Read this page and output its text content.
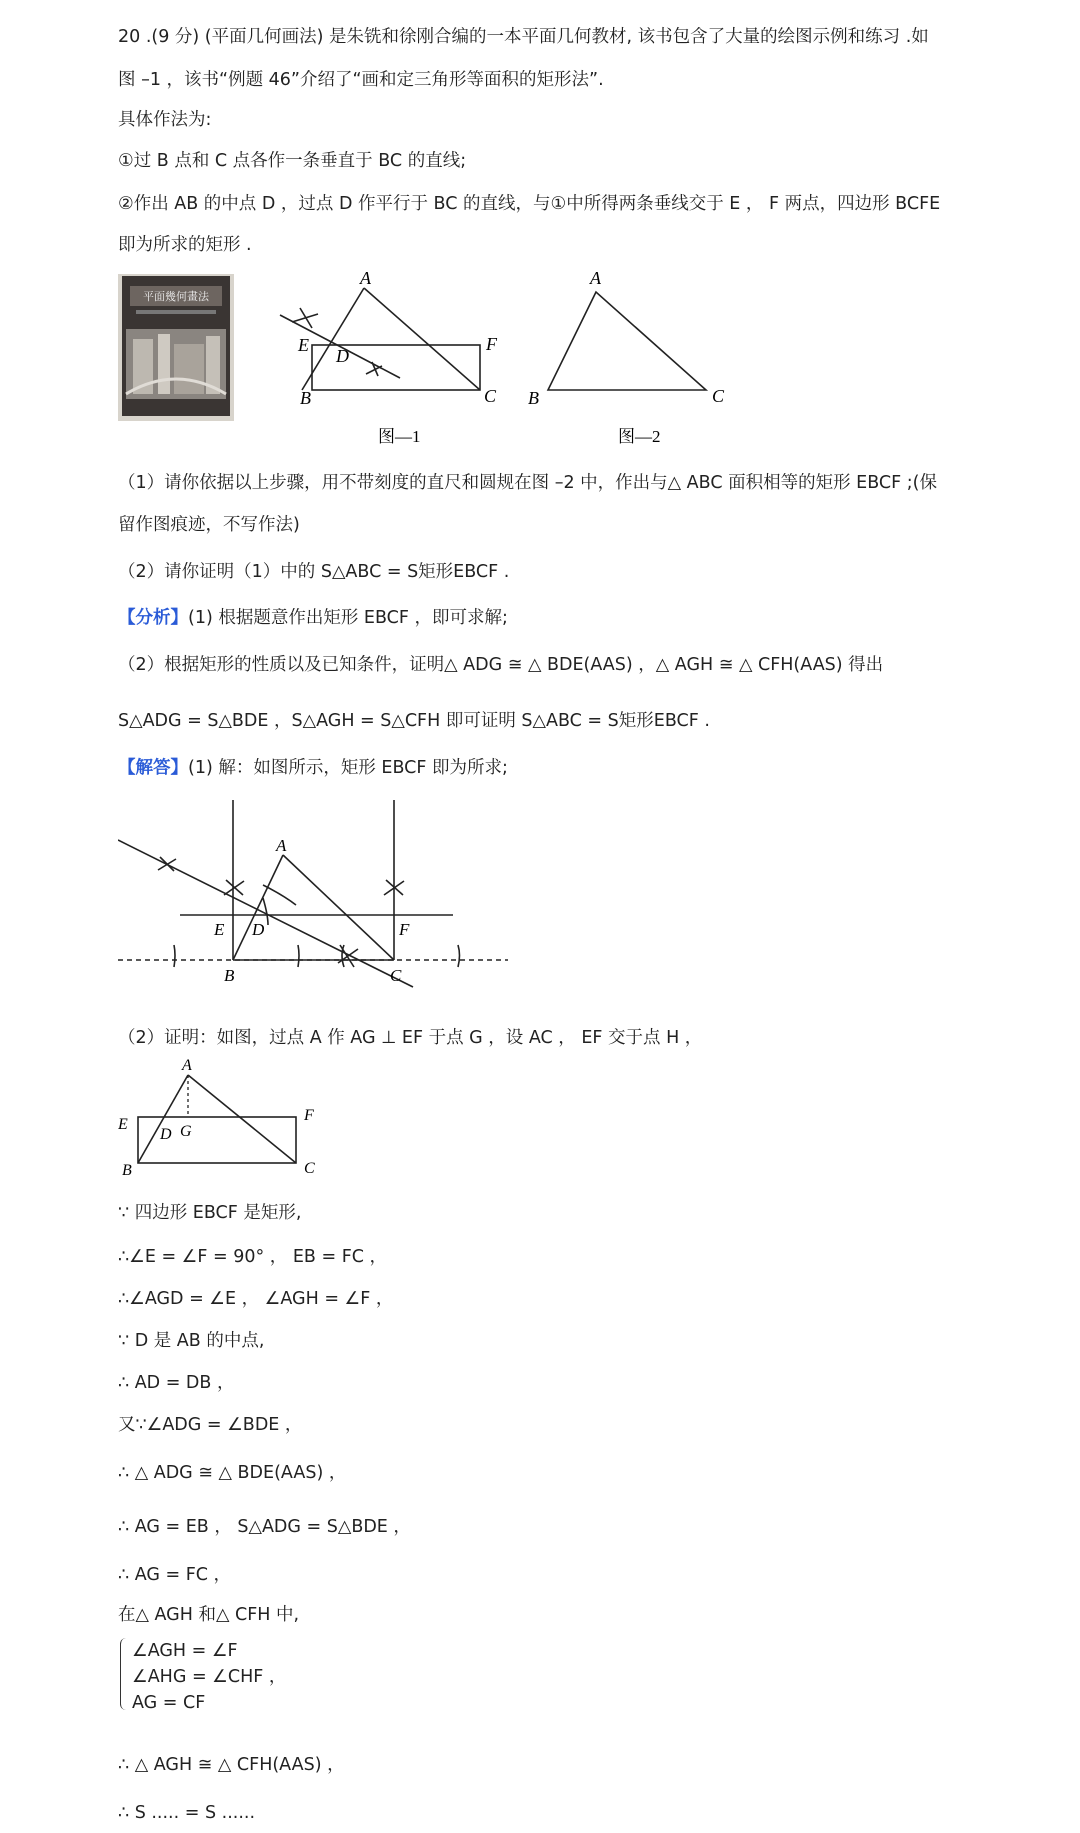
20 .(9 分) (平面几何画法) 是朱铣和徐刚合编的一本平面几何教材, 该书包含了大量的绘图示例和练习 .如
图 –1 ，该书“例题 46”介绍了“画和定三角形等面积的矩形法”.
具体作法为:
①过 B 点和 C 点各作一条垂直于 BC 的直线;
②作出 AB 的中点 D ，过点 D 作平行于 BC 的直线，与①中所得两条垂线交于 E ， F 两点，四边形 BCFE
即为所求的矩形 .
平面幾何畫法
A
E
D
F
B	C
图—1
A
B	C
图—2
（1）请你依据以上步骤，用不带刻度的直尺和圆规在图 –2 中，作出与△ ABC 面积相等的矩形 EBCF ;(保
留作图痕迹，不写作法)
（2）请你证明（1）中的 S△ABC = S矩形EBCF .
【分析】(1) 根据题意作出矩形 EBCF ，即可求解;
（2）根据矩形的性质以及已知条件，证明△ ADG ≅ △ BDE(AAS) ，△ AGH ≅ △ CFH(AAS) 得出
S△ADG = S△BDE ，S△AGH = S△CFH 即可证明 S△ABC = S矩形EBCF .
【解答】(1) 解：如图所示，矩形 EBCF 即为所求;
A
E D	F
B	C
（2）证明：如图，过点 A 作 AG ⊥ EF 于点 G ，设 AC ， EF 交于点 H ，
A
E
D G
F
B	C
∵ 四边形 EBCF 是矩形,
∴∠E = ∠F = 90° ， EB = FC ，
∴∠AGD = ∠E ， ∠AGH = ∠F ，
∵ D 是 AB 的中点,
∴ AD = DB ，
又∵∠ADG = ∠BDE ，
∴ △ ADG ≅ △ BDE(AAS) ，
∴ AG = EB ， S△ADG = S△BDE ，
∴ AG = FC ，
在△ AGH 和△ CFH 中,
∠AGH = ∠F
∠AHG = ∠CHF ，
AG = CF
∴ △ AGH ≅ △ CFH(AAS) ，
∴ S ..... = S ......
